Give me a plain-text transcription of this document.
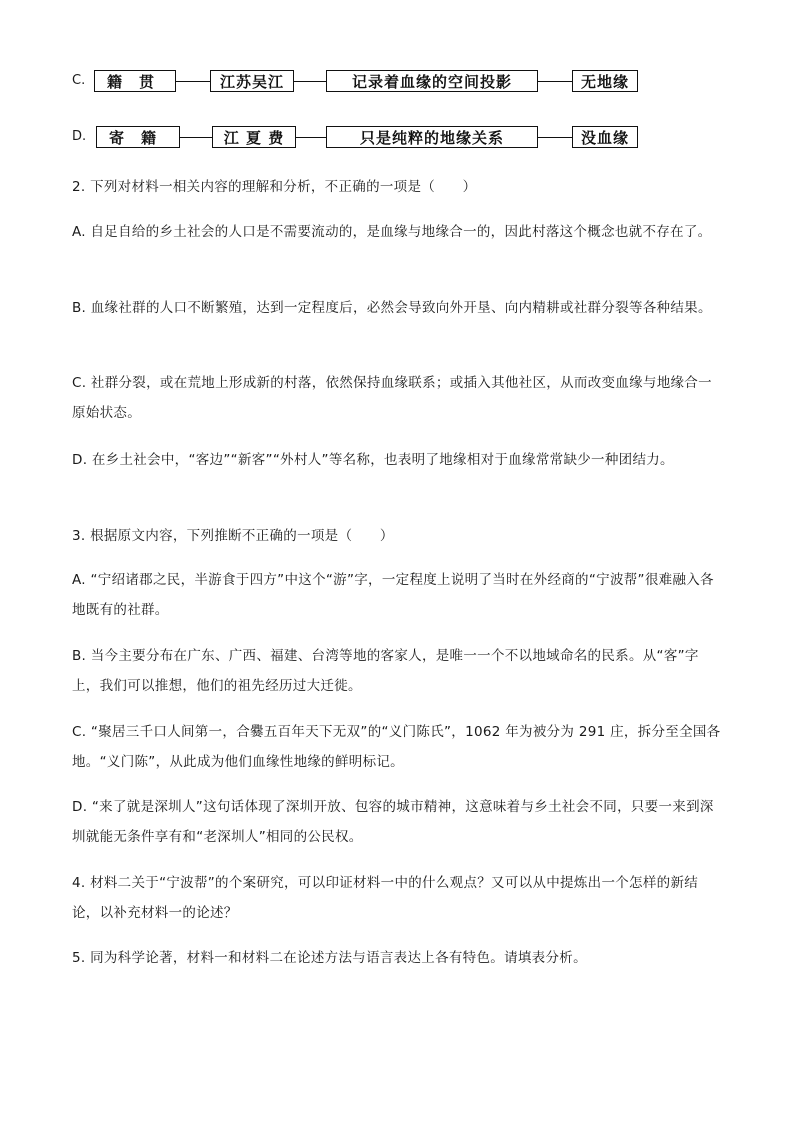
C. 籍　贯	江苏吴江	记录着血缘的空间投影	无地缘
D. 寄　籍	江 夏 费	只是纯粹的地缘关系	没血缘

2. 下列对材料一相关内容的理解和分析，不正确的一项是（　　）

A. 自足自给的乡土社会的人口是不需要流动的，是血缘与地缘合一的，因此村落这个概念也就不存在了。

B. 血缘社群的人口不断繁殖，达到一定程度后，必然会导致向外开垦、向内精耕或社群分裂等各种结果。

C. 社群分裂，或在荒地上形成新的村落，依然保持血缘联系；或插入其他社区，从而改变血缘与地缘合一原始状态。

D. 在乡土社会中，“客边”“新客”“外村人”等名称，也表明了地缘相对于血缘常常缺少一种团结力。

3. 根据原文内容，下列推断不正确的一项是（　　）

A. “宁绍诸郡之民，半游食于四方”中这个“游”字，一定程度上说明了当时在外经商的“宁波帮”很难融入各地既有的社群。

B. 当今主要分布在广东、广西、福建、台湾等地的客家人，是唯一一个不以地域命名的民系。从“客”字上，我们可以推想，他们的祖先经历过大迁徙。

C. “聚居三千口人间第一，合爨五百年天下无双”的“义门陈氏”，1062 年为被分为 291 庄，拆分至全国各地。“义门陈”，从此成为他们血缘性地缘的鲜明标记。

D. “来了就是深圳人”这句话体现了深圳开放、包容的城市精神，这意味着与乡土社会不同，只要一来到深圳就能无条件享有和“老深圳人”相同的公民权。

4. 材料二关于“宁波帮”的个案研究，可以印证材料一中的什么观点？又可以从中提炼出一个怎样的新结论，以补充材料一的论述？

5. 同为科学论著，材料一和材料二在论述方法与语言表达上各有特色。请填表分析。
